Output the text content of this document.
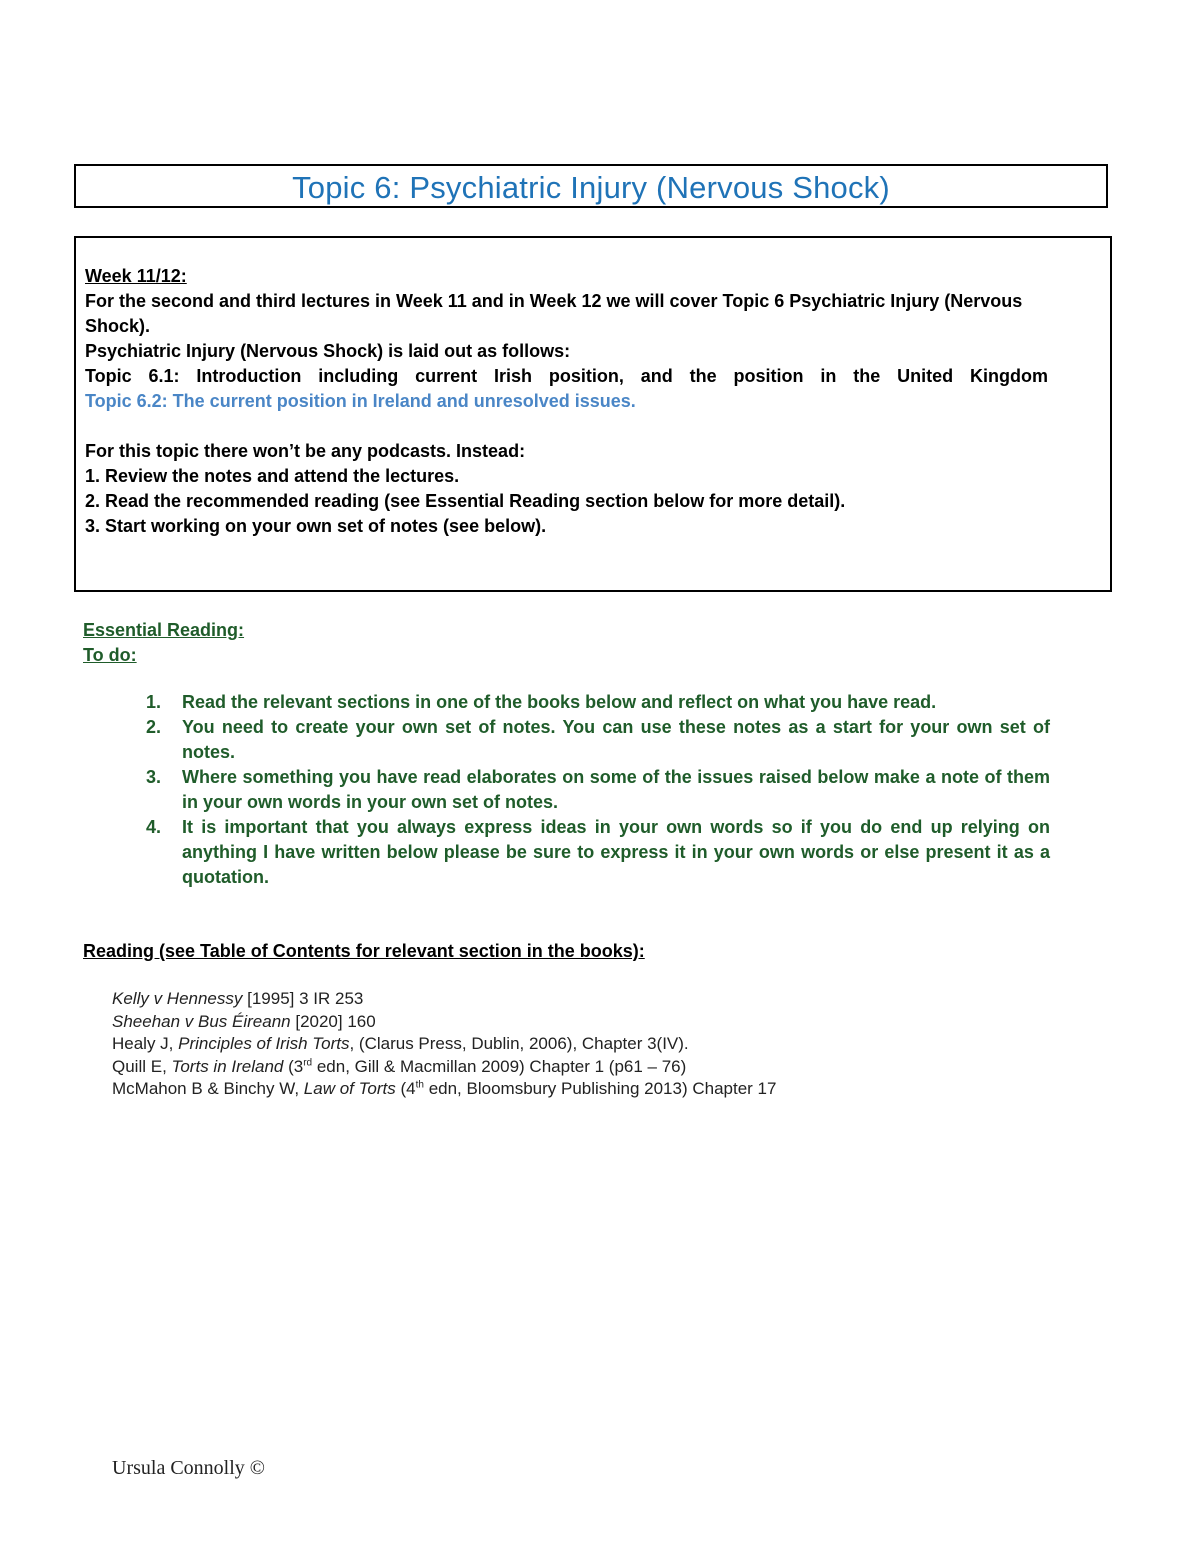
Topic 6: Psychiatric Injury (Nervous Shock)

Week 11/12:

For the second and third lectures in Week 11 and in Week 12 we will cover Topic 6 Psychiatric Injury (Nervous Shock).

Psychiatric Injury (Nervous Shock) is laid out as follows:

Topic 6.1: Introduction including current Irish position, and the position in the United Kingdom

Topic 6.2: The current position in Ireland and unresolved issues.

For this topic there won’t be any podcasts. Instead:

1. Review the notes and attend the lectures.

2. Read the recommended reading (see Essential Reading section below for more detail).

3. Start working on your own set of notes (see below).

Essential Reading:

To do:

1. Read the relevant sections in one of the books below and reflect on what you have read.
2. You need to create your own set of notes. You can use these notes as a start for your own set of notes.
3. Where something you have read elaborates on some of the issues raised below make a note of them in your own words in your own set of notes.
4. It is important that you always express ideas in your own words so if you do end up relying on anything I have written below please be sure to express it in your own words or else present it as a quotation.
Reading (see Table of Contents for relevant section in the books):
Kelly v Hennessy [1995] 3 IR 253
Sheehan v Bus Éireann [2020] 160
Healy J, Principles of Irish Torts, (Clarus Press, Dublin, 2006), Chapter 3(IV).
Quill E, Torts in Ireland (3rd edn, Gill & Macmillan 2009) Chapter 1 (p61 – 76)
McMahon B & Binchy W, Law of Torts (4th edn, Bloomsbury Publishing 2013) Chapter 17
Ursula Connolly ©
